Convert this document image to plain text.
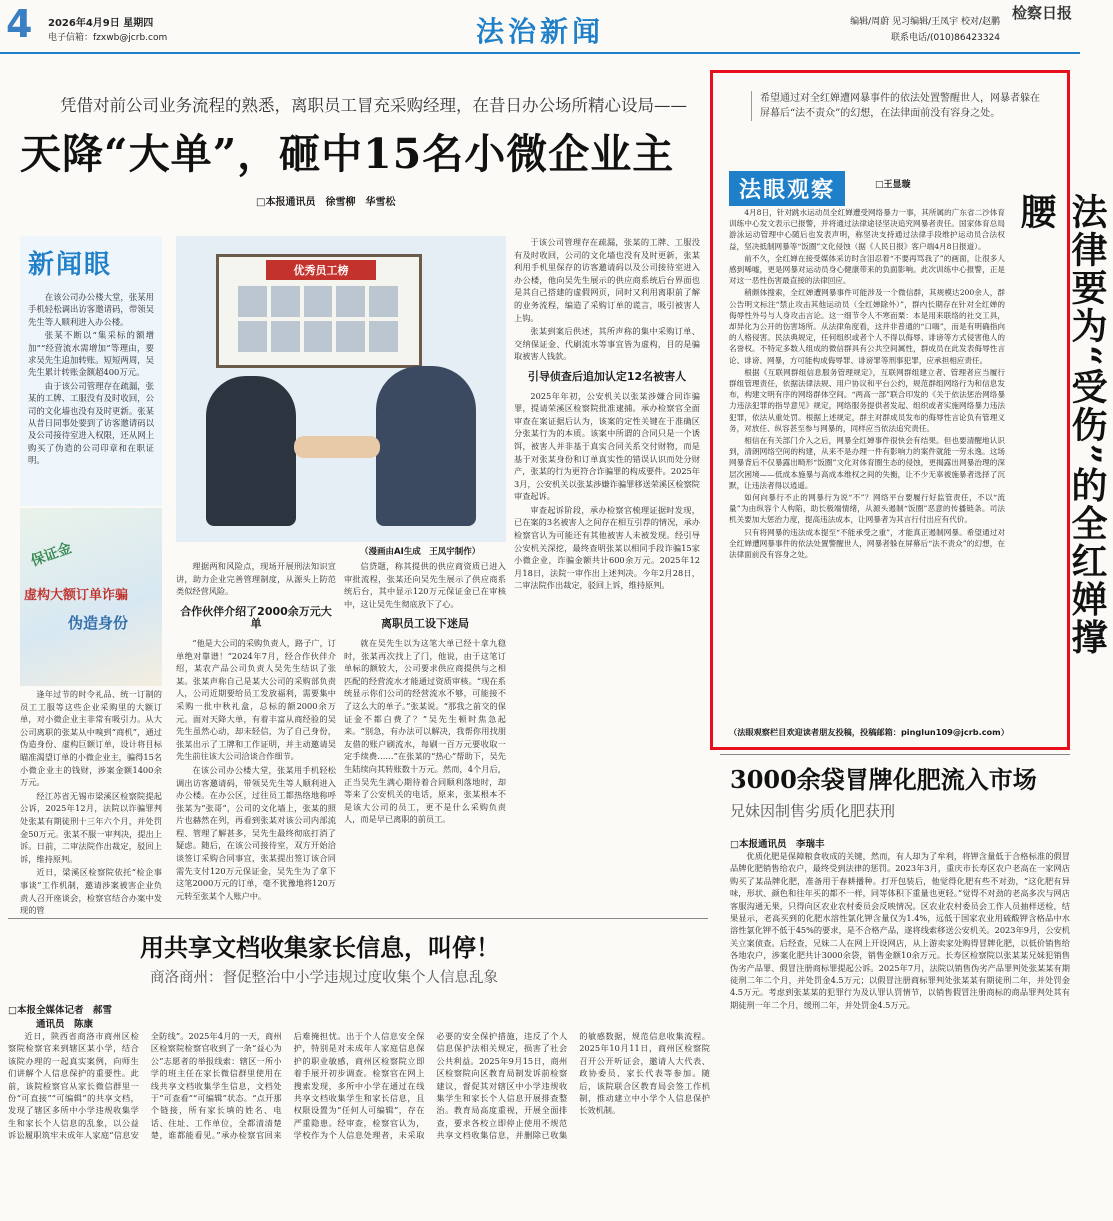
4 2026年4月9日 星期四
电子信箱：fzxwb@jcrb.com	法治新闻	编辑/周蔚 见习编辑/王凤宇 校对/赵鹏
联系电话/(010)86423324
检察日报
凭借对前公司业务流程的熟悉，离职员工冒充采购经理，在昔日办公场所精心设局——
天降“大单”，砸中15名小微企业主
□本报通讯员　徐雪柳　华雪松
新闻眼

在该公司办公楼大堂，张某用手机轻松调出访客邀请码，带领吴先生等人顺利进入办公楼。

张某不断以“集采标的额增加”“经营流水需增加”等理由，要求吴先生追加转账。短短两周，吴先生累计转账金额超400万元。

由于该公司管理存在疏漏，张某的工牌、工服没有及时收回，公司的文化墙也没有及时更新。张某从昔日同事处要到了访客邀请码以及公司接待室进入权限，还从网上购买了伪造的公司印章和在职证明。

保证金
伪造身份
虚构大额订单诈骗

逢年过节的时令礼品、统一订制的员工工服等这些企业采购里的大额订单，对小微企业主非常有吸引力。从大公司离职的张某从中嗅到“商机”，通过伪造身份、虚构巨额订单，设计将目标瞄准渴望订单的小微企业主，骗得15名小微企业主的钱财，涉案金额1400余万元。

经江苏省无锡市梁溪区检察院提起公诉，2025年12月，法院以诈骗罪判处张某有期徒刑十三年六个月，并处罚金50万元。张某不服一审判决，提出上诉。日前，二审法院作出裁定，驳回上诉，维持原判。

近日，梁溪区检察院依托“检企事事谈”工作机制，邀请涉案被害企业负责人召开座谈会，检察官结合办案中发现的管

优秀员工榜
（漫画由AI生成　王凤宇制作）

理据两和风险点，现场开展刑法知识宣讲，助力企业完善管理制度，从源头上防范类似经营风险。

合作伙伴介绍了2000余万元大单

“他是大公司的采购负责人，路子广，订单绝对靠谱！”2024年7月，经合作伙伴介绍，某农产品公司负责人吴先生结识了张某。张某声称自己是某大公司的采购部负责人，公司近期要给员工发放福利，需要集中采购一批中秋礼盒，总标的额2000余万元。面对天降大单，有着丰富从商经验的吴先生虽然心动，却未轻信，为了自己身份，张某出示了工牌和工作证明，并主动邀请吴先生前往该大公司洽谈合作细节。

在该公司办公楼大堂，张某用手机轻松调出访客邀请码，带领吴先生等人顺利进入办公楼。在办公区，过往员工都热络地称呼张某为“张哥”，公司的文化墙上，张某的照片也赫然在列，再看到张某对该公司内部流程、管理了解甚多，吴先生最终彻底打消了疑虑。随后，在该公司接待室，双方开始洽谈签订采购合同事宜，张某提出签订该合同需先支付120万元保证金，吴先生为了拿下这笔2000万元的订单，毫不犹豫地将120万元转至张某个人账户中。

信贷题，称其提供的供应商资质已进入审批流程，张某还向吴先生展示了供应商系统后台，其中显示120万元保证金已在审核中，这让吴先生彻底放下了心。

离职员工设下迷局

就在吴先生以为这笔大单已经十拿九稳时，张某再次找上了门，他说，由于这笔订单标的额较大，公司要求供应商提供与之相匹配的经营流水才能通过资质审核。“现在系统显示你们公司的经营流水不够，可能接不了这么大的单子。”张某说。“那我之前交的保证金不都白费了？”吴先生顿时焦急起来。“别急，有办法可以解决，我帮你用找朋友借的账户刷流水，每刷一百万元要收取一定手续费……”在张某的“热心”帮助下，吴先生陆续向其转账数十万元。然而，4个月后，正当吴先生满心期待着合同顺利落地时，却等来了公安机关的电话，原来，张某根本不是该大公司的员工，更不是什么采购负责人，而是早已离职的前员工。

于该公司管理存在疏漏，张某的工牌、工服没有及时收回，公司的文化墙也没有及时更新，张某利用手机里保存的访客邀请码以及公司接待室进入办公楼，他向吴先生展示的供应商系统后台界面也是其自己搭建的虚假网页，同时又利用离职前了解的业务流程，编造了采购订单的谎言，吸引被害人上钩。

张某到案后供述，其所声称的集中采购订单、交纳保证金、代刷流水等事宜皆为虚构，目的是骗取被害人钱款。

引导侦查后追加认定12名被害人

2025年年初，公安机关以张某涉嫌合同诈骗罪，提请荣溪区检察院批准逮捕。承办检察官全面审查在案证据后认为，该案的定性关键在于准确区分张某行为的本质。该案中所谓的合同只是一个诱饵，被害人并非基于真实合同关系交付财物，而是基于对张某身份和订单真实性的错误认识而处分财产，张某的行为更符合诈骗罪的构成要件。2025年3月，公安机关以张某涉嫌诈骗罪移送荣溪区检察院审查起诉。

审查起诉阶段，承办检察官梳理证据时发现，已在案的3名被害人之间存在相互引荐的情况，承办检察官认为可能还有其他被害人未被发现。经引导公安机关深挖，最终查明张某以相同手段诈骗15家小微企业，诈骗金额共计600余万元。2025年12月18日，法院一审作出上述判决。今年2月28日，二审法院作出裁定，驳回上诉，维持原判。

希望通过对全红婵遭网暴事件的依法处置警醒世人，网暴者躲在屏幕后“法不责众”的幻想，在法律面前没有容身之处。
法眼观察	□王显璇
法律要为“受伤”的全红婵撑腰

4月8日，针对跳水运动员全红婵遭受网络暴力一事，其所属的广东省二沙体育训练中心发文表示已报警，并将通过法律途径坚决追究网暴者责任。国家体育总局游泳运动管理中心随后也发表声明，称坚决支持通过法律手段维护运动员合法权益，坚决抵制网暴等“饭圈”文化侵蚀（据《人民日报》客户端4月8日报道）。

前不久，全红婵在接受媒体采访时含泪忍着“不要再骂我了”的画面，让很多人感到唏嘘，更是网暴对运动员身心健康带来的负面影响。此次训练中心报警，正是对这一恶性伤害最直接的法律回应。

稍颇体搜索，全红婵遭网暴事件可能涉及一个微信群，其规模达200余人，群公告明文标注“禁止攻击其他运动员（全红婵除外）”，群内长期存在针对全红婵的侮辱性外号与人身攻击言论。这一细节令人不寒而栗：本是用来联络的社交工具，却异化为公开的伤害场所。从法律角度看，这并非普通的“口嗨”，而是有明确指向的人格侵害。民法典规定，任何组织或者个人不得以侮辱、诽谤等方式侵害他人的名誉权。不特定多数人组成的微信群具有公共空间属性，群成员在此发表侮辱性言论、诽谤、网暴，方可能构成侮辱罪、诽谤罪等刑事犯罪，应承担相应责任。

根据《互联网群组信息服务管理规定》，互联网群组建立者、管理者应当履行群组管理责任，依据法律法规、用户协议和平台公约，规范群组网络行为和信息发布，构建文明有序的网络群体空间。“两高一部”联合印发的《关于依法惩治网络暴力违法犯罪的指导意见》规定，网络服务提供者发起、组织或者实施网络暴力违法犯罪，依法从重处罚。根据上述规定，群主对群成员发布的侮辱性言论负有管理义务，对放任、纵容甚至参与网暴的，同样应当依法追究责任。

相信在有关部门介入之后，网暴全红婵事件很快会有结果。但也要清醒地认识到，清朗网络空间的构建，从来不是办理一件有影响力的案件就能一劳永逸。这场网暴背后不仅暴露出畸形“饭圈”文化对体育圈生态的侵蚀，更揭露出网暴治理的深层次困境——低成本施暴与高成本维权之间的失衡，让不少无辜被施暴者选择了沉默，让违法者得以逍遥。

如何向暴行不止的网暴行为说“不”？网络平台要履行好监管责任，不以“流量”为由纵容个人构陷，助长极端情绪，从源头遏制“饭圈”恶意的传播链条。司法机关要加大惩治力度，提高违法成本，让网暴者为其言行付出应有代价。

只有将网暴的违法成本提至“不能承受之重”，才能真正遏制网暴。希望通过对全红婵遭网暴事件的依法处置警醒世人，网暴者躲在屏幕后“法不责众”的幻想，在法律面前没有容身之处。

（法眼观察栏目欢迎读者朋友投稿，投稿邮箱：pinglun109@jcrb.com）
3000余袋冒牌化肥流入市场
兄妹因制售劣质化肥获刑
□本报通讯员　李瑞丰

优质化肥是保障粮食收成的关键，然而，有人却为了牟利，将钾含量低于合格标准的假冒品牌化肥销售给农户，最终受到法律的惩罚。2023年3月，重庆市长寿区农户老高在一家网店购买了某品牌化肥，准备用于春耕播种。打开包装后，他觉得化肥有些不对劲，“这化肥有异味，形状、颜色和往年买的都不一样，同等体积下重量也更轻。”觉得不对劲的老高多次与网店客服沟通无果，只得向区农业农村委员会反映情况。区农业农村委员会工作人员抽样送检，结果显示，老高买到的化肥水溶性氯化钾含量仅为1.4%，远低于国家农业用硫酸钾含格品中水溶性氯化钾不低于45%的要求，是不合格产品，遂将线索移送公安机关。2023年9月，公安机关立案侦查。后经查，兄妹二人在网上开设网店，从上游卖家处购得冒牌化肥，以低价销售给各地农户，涉案化肥共计3000余袋，销售金额10余万元。长寿区检察院以张某某兄妹犯销售伪劣产品罪、假冒注册商标罪提起公诉。2025年7月，法院以销售伪劣产品罪判处张某某有期徒刑二年二个月，并处罚金4.5万元；以假冒注册商标罪判处张某某有期徒刑二年，并处罚金4.5万元。考虑到张某某的犯罪行为及认罪认罚情节，以销售假冒注册商标的商品罪判处其有期徒刑一年二个月，缓刑二年，并处罚金4.5万元。

用共享文档收集家长信息，叫停！
商洛商州：督促整治中小学违规过度收集个人信息乱象
□本报全媒体记者　郝雪
通讯员　陈康

近日，陕西省商洛市商州区检察院检察官来到辖区某小学，结合该院办理的一起真实案例，向师生们讲解个人信息保护的重要性。此前，该院检察官从家长微信群里一份“可直接”“可编辑”的共享文档，发现了辖区多所中小学违规收集学生和家长个人信息的乱象，以公益诉讼履职筑牢未成年人家庭“信息安全防线”。2025年4月的一天，商州区检察院检察官收到了一条“益心为公”志愿者的举报线索：辖区一所小学的班主任在家长微信群里使用在线共享文档收集学生信息，文档处于“可查看”“可编辑”状态。“点开那个链接，所有家长填的姓名、电话、住址、工作单位，全都清清楚楚，谁都能看见。”承办检察官回来后难掩担忧。出于个人信息安全保护，特别是对未成年人家庭信息保护的职业敏感，商州区检察院立即着手展开初步调查。检察官在网上搜索发现，多所中小学在通过在线共享文档收集学生和家长信息，且权限设置为“任何人可编辑”，存在严重隐患。经审查，检察官认为，学校作为个人信息处理者，未采取必要的安全保护措施，违反了个人信息保护法相关规定，损害了社会公共利益。2025年9月15日，商州区检察院向区教育局制发诉前检察建议，督促其对辖区中小学违规收集学生和家长个人信息开展排查整治。教育局高度重视，开展全面排查，要求各校立即停止使用不规范共享文档收集信息，并删除已收集的敏感数据，规范信息收集流程。2025年10月11日，商州区检察院召开公开听证会，邀请人大代表、政协委员、家长代表等参加。随后，该院联合区教育局会签工作机制，推动建立中小学个人信息保护长效机制。
